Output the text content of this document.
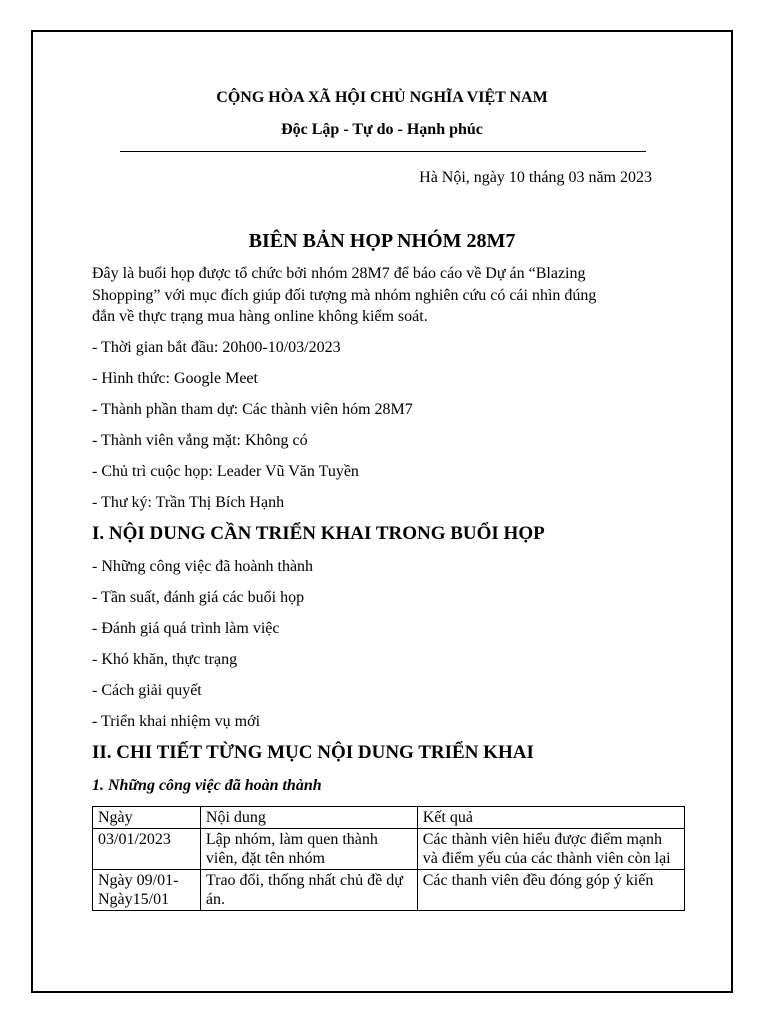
CỘNG HÒA XÃ HỘI CHỦ NGHĨA VIỆT NAM
Độc Lập - Tự do - Hạnh phúc
Hà Nội, ngày 10 tháng 03 năm 2023
BIÊN BẢN HỌP NHÓM 28M7
Đây là buổi họp được tổ chức bởi nhóm 28M7 để báo cáo về Dự án “Blazing
Shopping” với mục đích giúp đối tượng mà nhóm nghiên cứu có cái nhìn đúng
đắn về thực trạng mua hàng online không kiểm soát.
- Thời gian bắt đầu: 20h00-10/03/2023
- Hình thức: Google Meet
- Thành phần tham dự: Các thành viên hóm 28M7
- Thành viên vắng mặt: Không có
- Chủ trì cuộc họp: Leader Vũ Văn Tuyền
- Thư ký: Trần Thị Bích Hạnh
I. NỘI DUNG CẦN TRIỂN KHAI TRONG BUỔI HỌP
- Những công việc đã hoành thành
- Tần suất, đánh giá các buổi họp
- Đánh giá quá trình làm việc
- Khó khăn, thực trạng
- Cách giải quyết
- Triển khai nhiệm vụ mới
II. CHI TIẾT TỪNG MỤC NỘI DUNG TRIỂN KHAI
1. Những công việc đã hoàn thành
Ngày	Nội dung	Kết quả
03/01/2023	Lập nhóm, làm quen thành viên, đặt tên nhóm	Các thành viên hiểu được điểm mạnh và điểm yếu của các thành viên còn lại
Ngày 09/01-Ngày15/01	Trao đổi, thống nhất chủ đề dự án.	Các thanh viên đều đóng góp ý kiến
